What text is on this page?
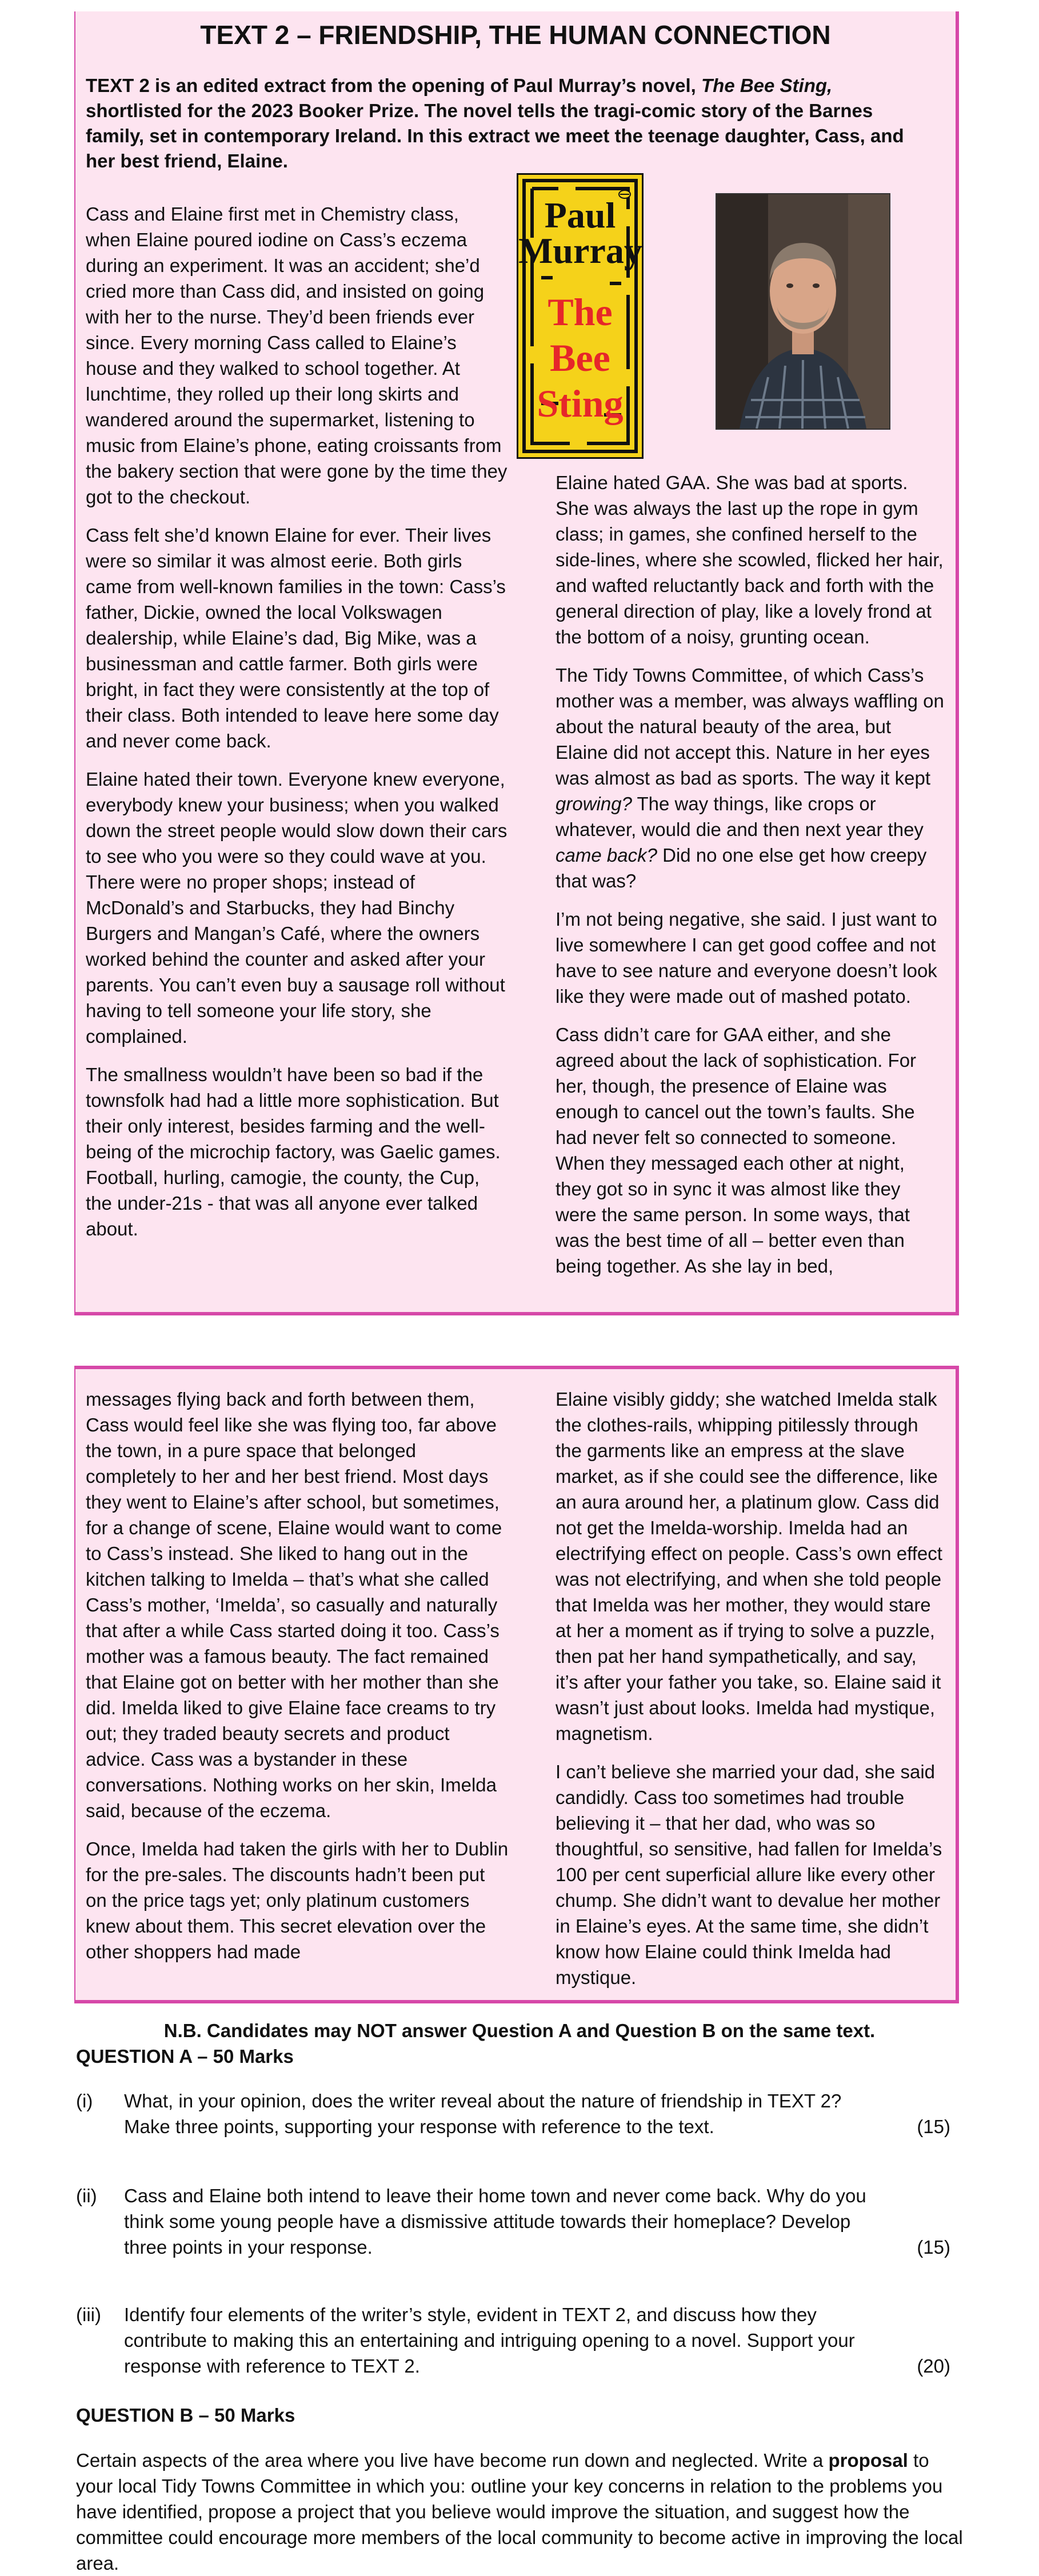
TEXT 2 – FRIENDSHIP, THE HUMAN CONNECTION
TEXT 2 is an edited extract from the opening of Paul Murray’s novel, The Bee Sting, shortlisted for the 2023 Booker Prize. The novel tells the tragi-comic story of the Barnes family, set in contemporary Ireland. In this extract we meet the teenage daughter, Cass, and her best friend, Elaine.

Cass and Elaine first met in Chemistry class, when Elaine poured iodine on Cass’s eczema during an experiment. It was an accident; she’d cried more than Cass did, and insisted on going with her to the nurse. They’d been friends ever since. Every morning Cass called to Elaine’s house and they walked to school together. At lunchtime, they rolled up their long skirts and wandered around the supermarket, listening to music from Elaine’s phone, eating croissants from the bakery section that were gone by the time they got to the checkout.

Cass felt she’d known Elaine for ever. Their lives were so similar it was almost eerie. Both girls came from well-known families in the town: Cass’s father, Dickie, owned the local Volkswagen dealership, while Elaine’s dad, Big Mike, was a businessman and cattle farmer. Both girls were bright, in fact they were consistently at the top of their class. Both intended to leave here some day and never come back.

Elaine hated their town. Everyone knew everyone, everybody knew your business; when you walked down the street people would slow down their cars to see who you were so they could wave at you. There were no proper shops; instead of McDonald’s and Starbucks, they had Binchy Burgers and Mangan’s Café, where the owners worked behind the counter and asked after your parents. You can’t even buy a sausage roll without having to tell someone your life story, she complained.

The smallness wouldn’t have been so bad if the townsfolk had had a little more sophistication. But their only interest, besides farming and the well-being of the microchip factory, was Gaelic games. Football, hurling, camogie, the county, the Cup, the under-21s - that was all anyone ever talked about.

Paul
Murray
The
Bee
Sting

Elaine hated GAA. She was bad at sports. She was always the last up the rope in gym class; in games, she confined herself to the side-lines, where she scowled, flicked her hair, and wafted reluctantly back and forth with the general direction of play, like a lovely frond at the bottom of a noisy, grunting ocean.

The Tidy Towns Committee, of which Cass’s mother was a member, was always waffling on about the natural beauty of the area, but Elaine did not accept this. Nature in her eyes was almost as bad as sports. The way it kept growing? The way things, like crops or whatever, would die and then next year they came back? Did no one else get how creepy that was?

I’m not being negative, she said. I just want to live somewhere I can get good coffee and not have to see nature and everyone doesn’t look like they were made out of mashed potato.

Cass didn’t care for GAA either, and she agreed about the lack of sophistication. For her, though, the presence of Elaine was enough to cancel out the town’s faults. She had never felt so connected to someone. When they messaged each other at night, they got so in sync it was almost like they were the same person. In some ways, that was the best time of all – better even than being together. As she lay in bed,

messages flying back and forth between them, Cass would feel like she was flying too, far above the town, in a pure space that belonged completely to her and her best friend. Most days they went to Elaine’s after school, but sometimes, for a change of scene, Elaine would want to come to Cass’s instead. She liked to hang out in the kitchen talking to Imelda – that’s what she called Cass’s mother, ‘Imelda’, so casually and naturally that after a while Cass started doing it too. Cass’s mother was a famous beauty. The fact remained that Elaine got on better with her mother than she did. Imelda liked to give Elaine face creams to try out; they traded beauty secrets and product advice. Cass was a bystander in these conversations. Nothing works on her skin, Imelda said, because of the eczema.

Once, Imelda had taken the girls with her to Dublin for the pre-sales. The discounts hadn’t been put on the price tags yet; only platinum customers knew about them. This secret elevation over the other shoppers had made

Elaine visibly giddy; she watched Imelda stalk the clothes-rails, whipping pitilessly through the garments like an empress at the slave market, as if she could see the difference, like an aura around her, a platinum glow. Cass did not get the Imelda-worship. Imelda had an electrifying effect on people. Cass’s own effect was not electrifying, and when she told people that Imelda was her mother, they would stare at her a moment as if trying to solve a puzzle, then pat her hand sympathetically, and say, it’s after your father you take, so. Elaine said it wasn’t just about looks. Imelda had mystique, magnetism.

I can’t believe she married your dad, she said candidly. Cass too sometimes had trouble believing it – that her dad, who was so thoughtful, so sensitive, had fallen for Imelda’s 100 per cent superficial allure like every other chump. She didn’t want to devalue her mother in Elaine’s eyes. At the same time, she didn’t know how Elaine could think Imelda had mystique.

N.B. Candidates may NOT answer Question A and Question B on the same text.
QUESTION A – 50 Marks
(i) What, in your opinion, does the writer reveal about the nature of friendship in TEXT 2? Make three points, supporting your response with reference to the text.	(15)
(ii) Cass and Elaine both intend to leave their home town and never come back. Why do you think some young people have a dismissive attitude towards their homeplace? Develop three points in your response.	(15)
(iii) Identify four elements of the writer’s style, evident in TEXT 2, and discuss how they contribute to making this an entertaining and intriguing opening to a novel. Support your response with reference to TEXT 2.	(20)
QUESTION B – 50 Marks
Certain aspects of the area where you live have become run down and neglected. Write a proposal to your local Tidy Towns Committee in which you: outline your key concerns in relation to the problems you have identified, propose a project that you believe would improve the situation, and suggest how the committee could encourage more members of the local community to become active in improving the local area.
